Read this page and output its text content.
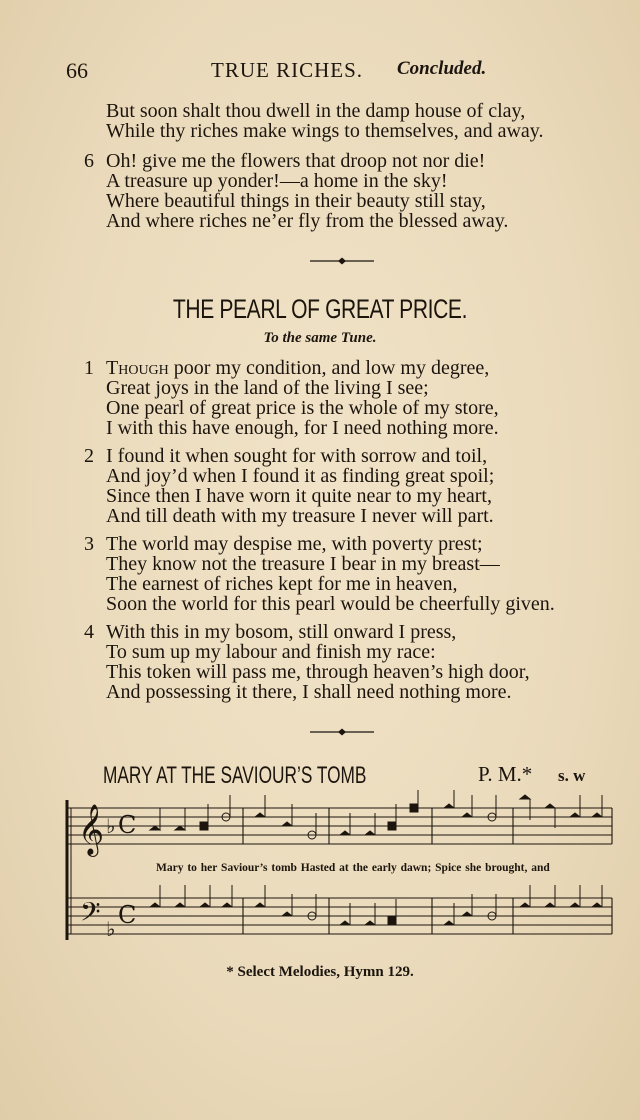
66	TRUE RICHES. Concluded.
But soon shalt thou dwell in the damp house of clay,
While thy riches make wings to themselves, and away.
6 Oh! give me the flowers that droop not nor die!
A treasure up yonder!—a home in the sky!
Where beautiful things in their beauty still stay,
And where riches ne’er fly from the blessed away.
THE PEARL OF GREAT PRICE.
To the same Tune.
1 Though poor my condition, and low my degree,
Great joys in the land of the living I see;
One pearl of great price is the whole of my store,
I with this have enough, for I need nothing more.
2 I found it when sought for with sorrow and toil,
And joy’d when I found it as finding great spoil;
Since then I have worn it quite near to my heart,
And till death with my treasure I never will part.
3 The world may despise me, with poverty prest;
They know not the treasure I bear in my breast—
The earnest of riches kept for me in heaven,
Soon the world for this pearl would be cheerfully given.
4 With this in my bosom, still onward I press,
To sum up my labour and finish my race:
This token will pass me, through heaven’s high door,
And possessing it there, I shall need nothing more.
MARY AT THE SAVIOUR’S TOMB	P. M.* s. w
𝄞
𝄢
♭ C
♭ C
Mary to her Saviour’s tomb Hasted at the early dawn; Spice she brought, and
* Select Melodies, Hymn 129.
